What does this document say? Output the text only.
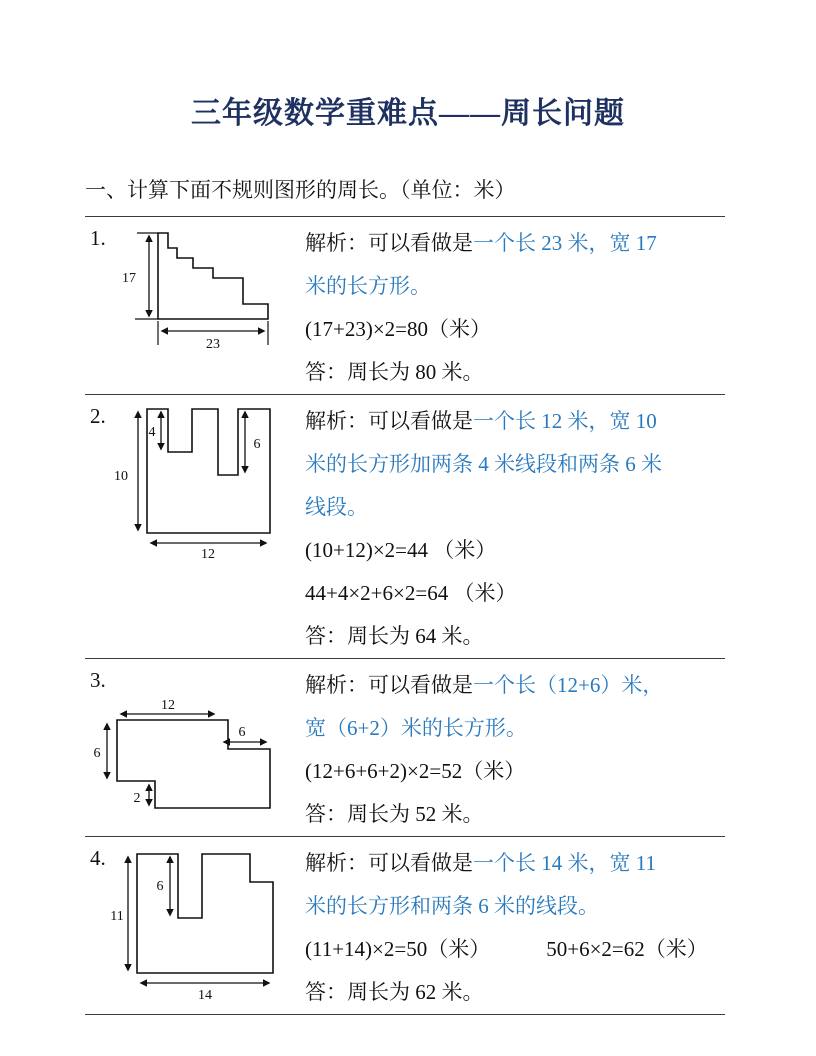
三年级数学重难点——周长问题
一、计算下面不规则图形的周长。（单位：米）
1.
17
23

解析：可以看做是一个长 23 米，宽 17

米的长方形。

(17+23)×2=80（米）

答：周长为 80 米。

2.
10
4
6
12

解析：可以看做是一个长 12 米，宽 10

米的长方形加两条 4 米线段和两条 6 米

线段。

(10+12)×2=44 （米）

44+4×2+6×2=64 （米）

答：周长为 64 米。

3.
12
6
6
2

解析：可以看做是一个长（12+6）米，

宽（6+2）米的长方形。

(12+6+6+2)×2=52（米）

答：周长为 52 米。

4.
11
6
14

解析：可以看做是一个长 14 米，宽 11

米的长方形和两条 6 米的线段。

(11+14)×2=50（米）	50+6×2=62（米）

答：周长为 62 米。
